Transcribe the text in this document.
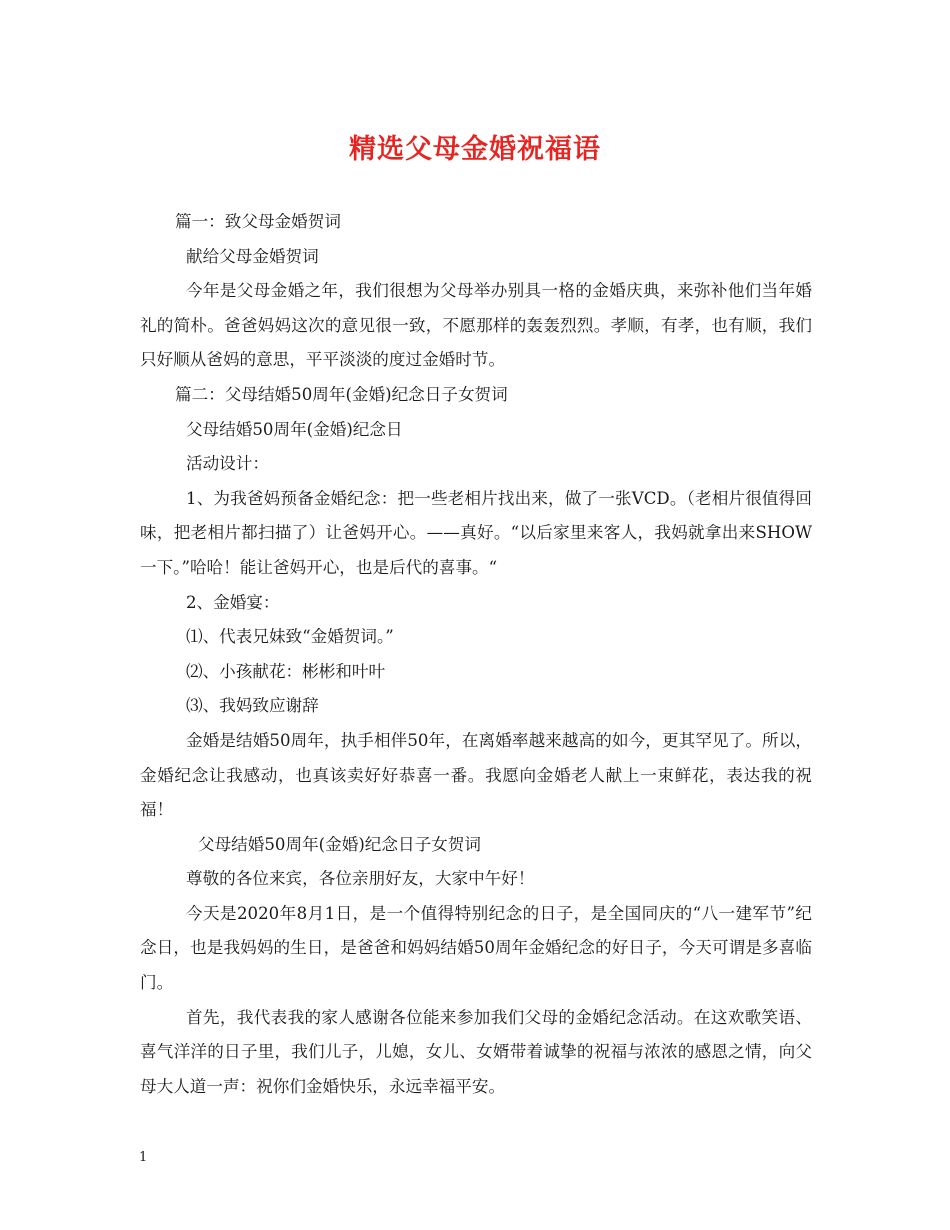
精选父母金婚祝福语

篇一：致父母金婚贺词

献给父母金婚贺词

今年是父母金婚之年，我们很想为父母举办别具一格的金婚庆典，来弥补他们当年婚礼的简朴。爸爸妈妈这次的意见很一致，不愿那样的轰轰烈烈。孝顺，有孝，也有顺，我们只好顺从爸妈的意思，平平淡淡的度过金婚时节。

篇二：父母结婚50周年(金婚)纪念日子女贺词

父母结婚50周年(金婚)纪念日

活动设计：

1、为我爸妈预备金婚纪念：把一些老相片找出来，做了一张VCD。（老相片很值得回味，把老相片都扫描了）让爸妈开心。——真好。“以后家里来客人，我妈就拿出来SHOW一下。”哈哈！能让爸妈开心，也是后代的喜事。“

2、金婚宴：

⑴、代表兄妹致“金婚贺词。”

⑵、小孩献花：彬彬和叶叶

⑶、我妈致应谢辞

金婚是结婚50周年，执手相伴50年，在离婚率越来越高的如今，更其罕见了。所以，金婚纪念让我感动，也真该卖好好恭喜一番。我愿向金婚老人献上一束鲜花，表达我的祝福！

父母结婚50周年(金婚)纪念日子女贺词

尊敬的各位来宾，各位亲朋好友，大家中午好！

今天是2020年8月1日，是一个值得特别纪念的日子，是全国同庆的“八一建军节”纪念日，也是我妈妈的生日，是爸爸和妈妈结婚50周年金婚纪念的好日子，今天可谓是多喜临门。

首先，我代表我的家人感谢各位能来参加我们父母的金婚纪念活动。在这欢歌笑语、喜气洋洋的日子里，我们儿子，儿媳，女儿、女婿带着诚挚的祝福与浓浓的感恩之情，向父母大人道一声：祝你们金婚快乐，永远幸福平安。

1
